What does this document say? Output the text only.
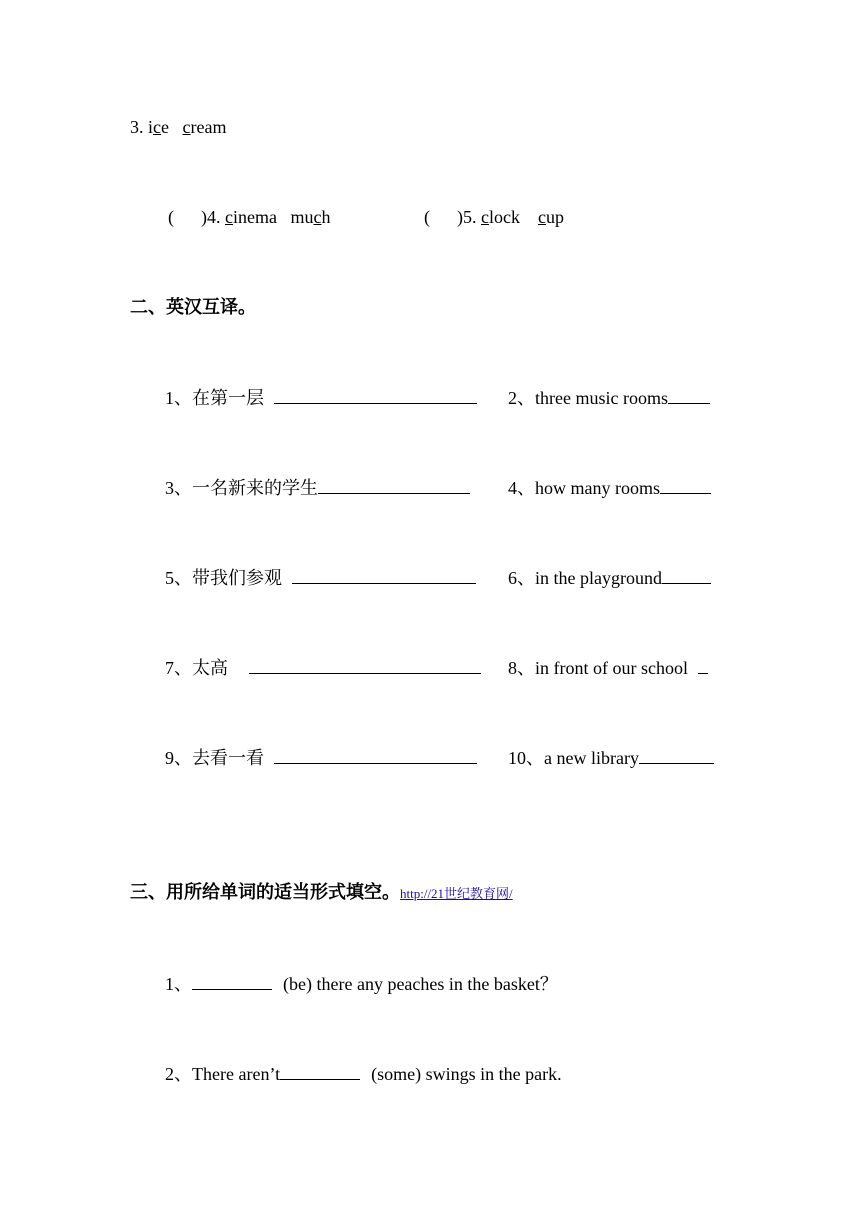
3. ice   cream
(      )4. cinema   much	(      )5. clock cup
二、英汉互译。
1、在第一层	2、three music rooms
3、一名新来的学生	4、how many rooms
5、带我们参观	6、in the playground
7、太高	8、in front of our school
9、去看一看	10、a new library
三、用所给单词的适当形式填空。http://21世纪教育网/
1、	(be) there any peaches in the basket？
2、There aren’t	(some) swings in the park.
